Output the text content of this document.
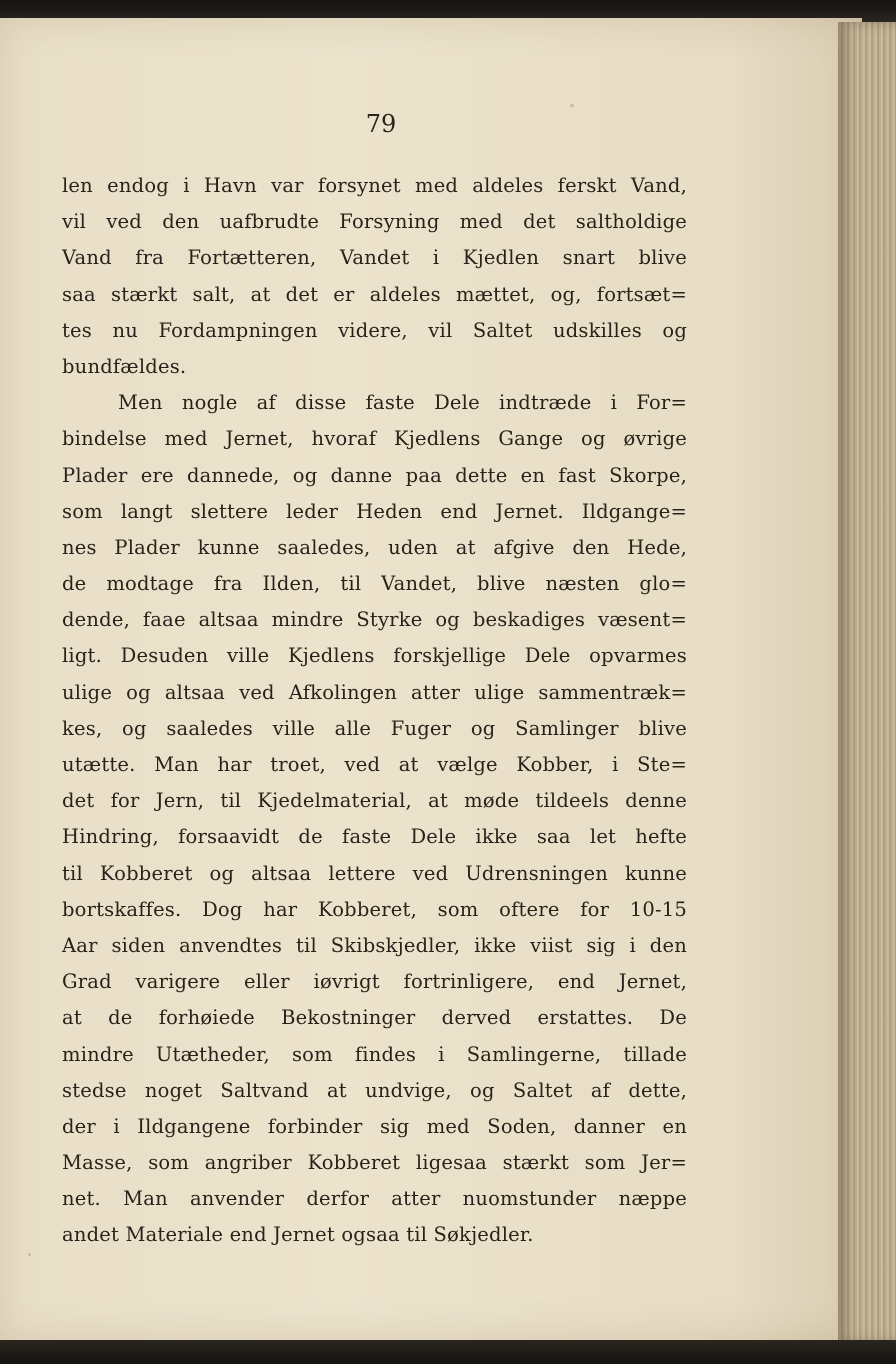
79
len endog i Havn var forsynet med aldeles ferskt Vand,
vil ved den uafbrudte Forsyning med det saltholdige
Vand fra Fortætteren, Vandet i Kjedlen snart blive
saa stærkt salt, at det er aldeles mættet, og, fortsæt=
tes nu Fordampningen videre, vil Saltet udskilles og
bundfældes.
Men nogle af disse faste Dele indtræde i For=
bindelse med Jernet, hvoraf Kjedlens Gange og øvrige
Plader ere dannede, og danne paa dette en fast Skorpe,
som langt slettere leder Heden end Jernet. Ildgange=
nes Plader kunne saaledes, uden at afgive den Hede,
de modtage fra Ilden, til Vandet, blive næsten glo=
dende, faae altsaa mindre Styrke og beskadiges væsent=
ligt. Desuden ville Kjedlens forskjellige Dele opvarmes
ulige og altsaa ved Afkolingen atter ulige sammentræk=
kes, og saaledes ville alle Fuger og Samlinger blive
utætte. Man har troet, ved at vælge Kobber, i Ste=
det for Jern, til Kjedelmaterial, at møde tildeels denne
Hindring, forsaavidt de faste Dele ikke saa let hefte
til Kobberet og altsaa lettere ved Udrensningen kunne
bortskaffes. Dog har Kobberet, som oftere for 10-15
Aar siden anvendtes til Skibskjedler, ikke viist sig i den
Grad varigere eller iøvrigt fortrinligere, end Jernet,
at de forhøiede Bekostninger derved erstattes. De
mindre Utætheder, som findes i Samlingerne, tillade
stedse noget Saltvand at undvige, og Saltet af dette,
der i Ildgangene forbinder sig med Soden, danner en
Masse, som angriber Kobberet ligesaa stærkt som Jer=
net. Man anvender derfor atter nuomstunder næppe
andet Materiale end Jernet ogsaa til Søkjedler.
